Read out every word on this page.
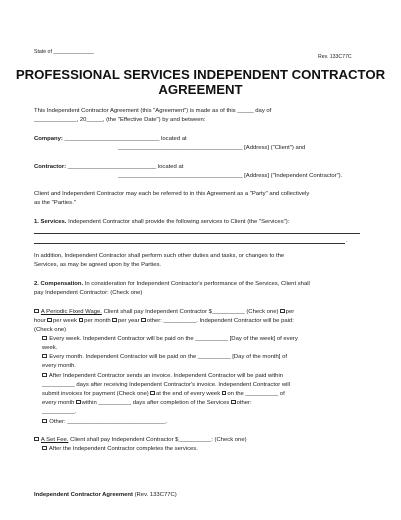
State of ______________
Rev. 133C77C
PROFESSIONAL SERVICES INDEPENDENT CONTRACTOR
AGREEMENT
This Independent Contractor Agreement (this "Agreement") is made as of this _____ day of
_____________, 20_____, (the "Effective Date") by and between:
Company: _____________________________ located at
______________________________________ [Address] ("Client") and
Contractor: ___________________________ located at
______________________________________ [Address] ("Independent Contractor").
Client and Independent Contractor may each be referred to in this Agreement as a "Party" and collectively
as the "Parties."
1. Services. Independent Contractor shall provide the following services to Client (the "Services"):
.
In addition, Independent Contractor shall perform such other duties and tasks, or changes to the
Services, as may be agreed upon by the Parties.
2. Compensation. In consideration for Independent Contractor's performance of the Services, Client shall
pay Independent Contractor: (Check one)
A Periodic Fixed Wage. Client shall pay Independent Contractor $__________ (Check one) per
hour per week per month per year other: __________. Independent Contractor will be paid:
(Check one)
Every week. Independent Contractor will be paid on the __________ [Day of the week] of every
week.
Every month. Independent Contractor will be paid on the __________ [Day of the month] of
every month.
After Independent Contractor sends an invoice. Independent Contractor will be paid within
__________ days after receiving Independent Contractor's invoice. Independent Contractor will
submit invoices for payment (Check one) at the end of every week on the __________ of
every month within __________ days after completion of the Services other:
__________.
Other: ______________________________.
A Set Fee. Client shall pay Independent Contractor $__________: (Check one)
After the Independent Contractor completes the services.
Independent Contractor Agreement (Rev. 133C77C)
